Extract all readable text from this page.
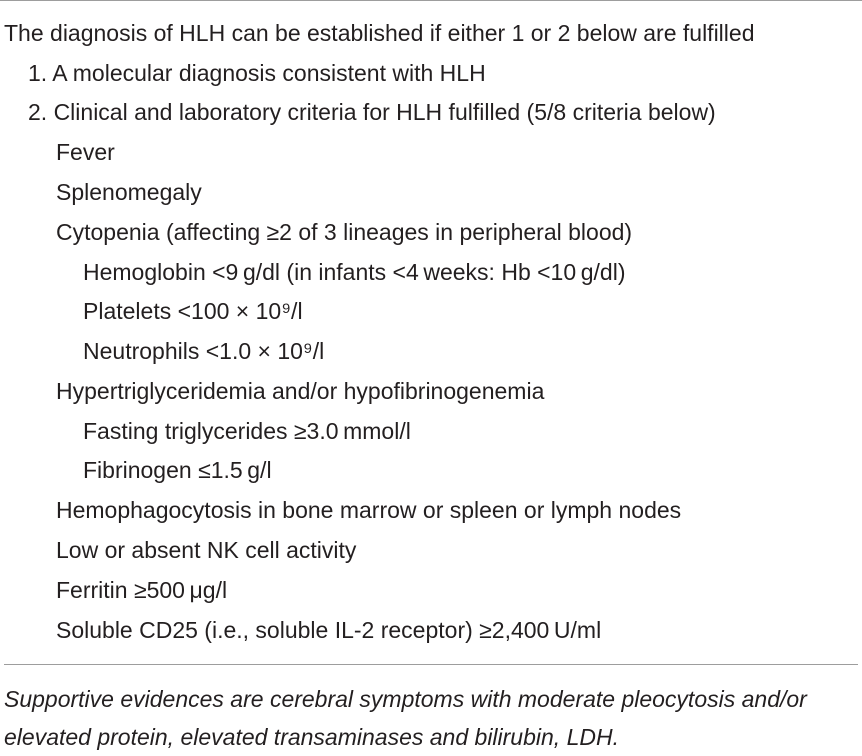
The diagnosis of HLH can be established if either 1 or 2 below are fulfilled
1. A molecular diagnosis consistent with HLH
2. Clinical and laboratory criteria for HLH fulfilled (5/8 criteria below)
Fever
Splenomegaly
Cytopenia (affecting ≥2 of 3 lineages in peripheral blood)
Hemoglobin <9 g/dl (in infants <4 weeks: Hb <10 g/dl)
Platelets <100 × 10⁹/l
Neutrophils <1.0 × 10⁹/l
Hypertriglyceridemia and/or hypofibrinogenemia
Fasting triglycerides ≥3.0 mmol/l
Fibrinogen ≤1.5 g/l
Hemophagocytosis in bone marrow or spleen or lymph nodes
Low or absent NK cell activity
Ferritin ≥500 μg/l
Soluble CD25 (i.e., soluble IL-2 receptor) ≥2,400 U/ml
Supportive evidences are cerebral symptoms with moderate pleocytosis and/or
elevated protein, elevated transaminases and bilirubin, LDH.
